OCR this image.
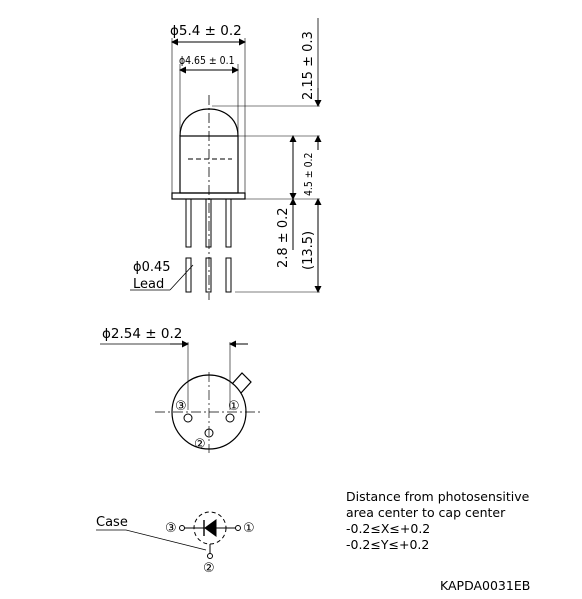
ϕ5.4 ± 0.2
ϕ4.65 ± 0.1	2.15 ± 0.3
4.5 ± 0.2
2.8 ± 0.2 (13.5)
ϕ0.45
Lead
ϕ2.54 ± 0.2
③	①
②
Case	③	①
②
Distance from photosensitive
area center to cap center
-0.2≤X≤+0.2
-0.2≤Y≤+0.2
KAPDA0031EB
